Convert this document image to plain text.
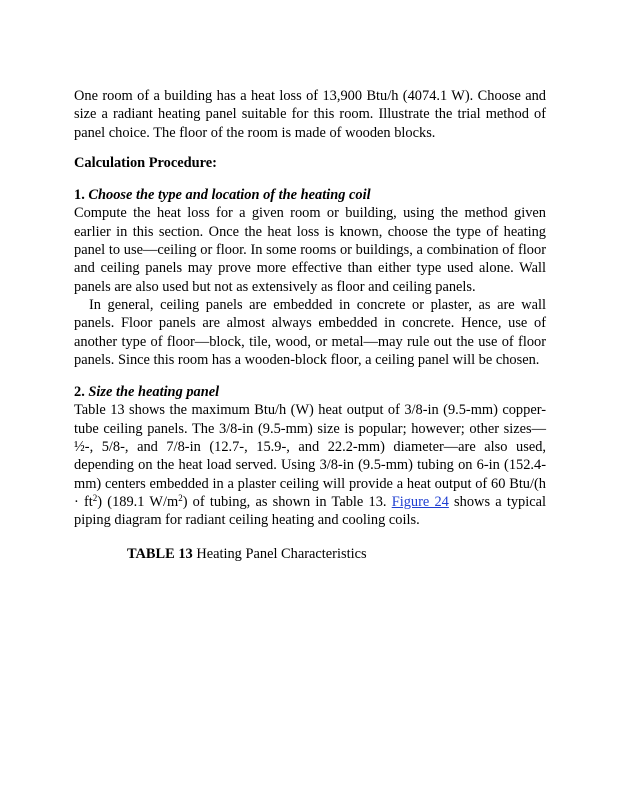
One room of a building has a heat loss of 13,900 Btu/h (4074.1 W). Choose and size a radiant heating panel suitable for this room. Illustrate the trial method of panel choice. The floor of the room is made of wooden blocks.

Calculation Procedure:

1. Choose the type and location of the heating coil

Compute the heat loss for a given room or building, using the method given earlier in this section. Once the heat loss is known, choose the type of heating panel to use—ceiling or floor. In some rooms or buildings, a combination of floor and ceiling panels may prove more effective than either type used alone. Wall panels are also used but not as extensively as floor and ceiling panels.

In general, ceiling panels are embedded in concrete or plaster, as are wall panels. Floor panels are almost always embedded in concrete. Hence, use of another type of floor—block, tile, wood, or metal—may rule out the use of floor panels. Since this room has a wooden-block floor, a ceiling panel will be chosen.

2. Size the heating panel

Table 13 shows the maximum Btu/h (W) heat output of 3/8-in (9.5-mm) copper-tube ceiling panels. The 3/8-in (9.5-mm) size is popular; however; other sizes—½-, 5/8-, and 7/8-in (12.7-, 15.9-, and 22.2-mm) diameter—are also used, depending on the heat load served. Using 3/8-in (9.5-mm) tubing on 6-in (152.4-mm) centers embedded in a plaster ceiling will provide a heat output of 60 $Btu/(h \cdot ft^2)$ (189.1 $W/m^2$) of tubing, as shown in Table 13. Figure 24 shows a typical piping diagram for radiant ceiling heating and cooling coils.

TABLE 13 Heating Panel Characteristics
